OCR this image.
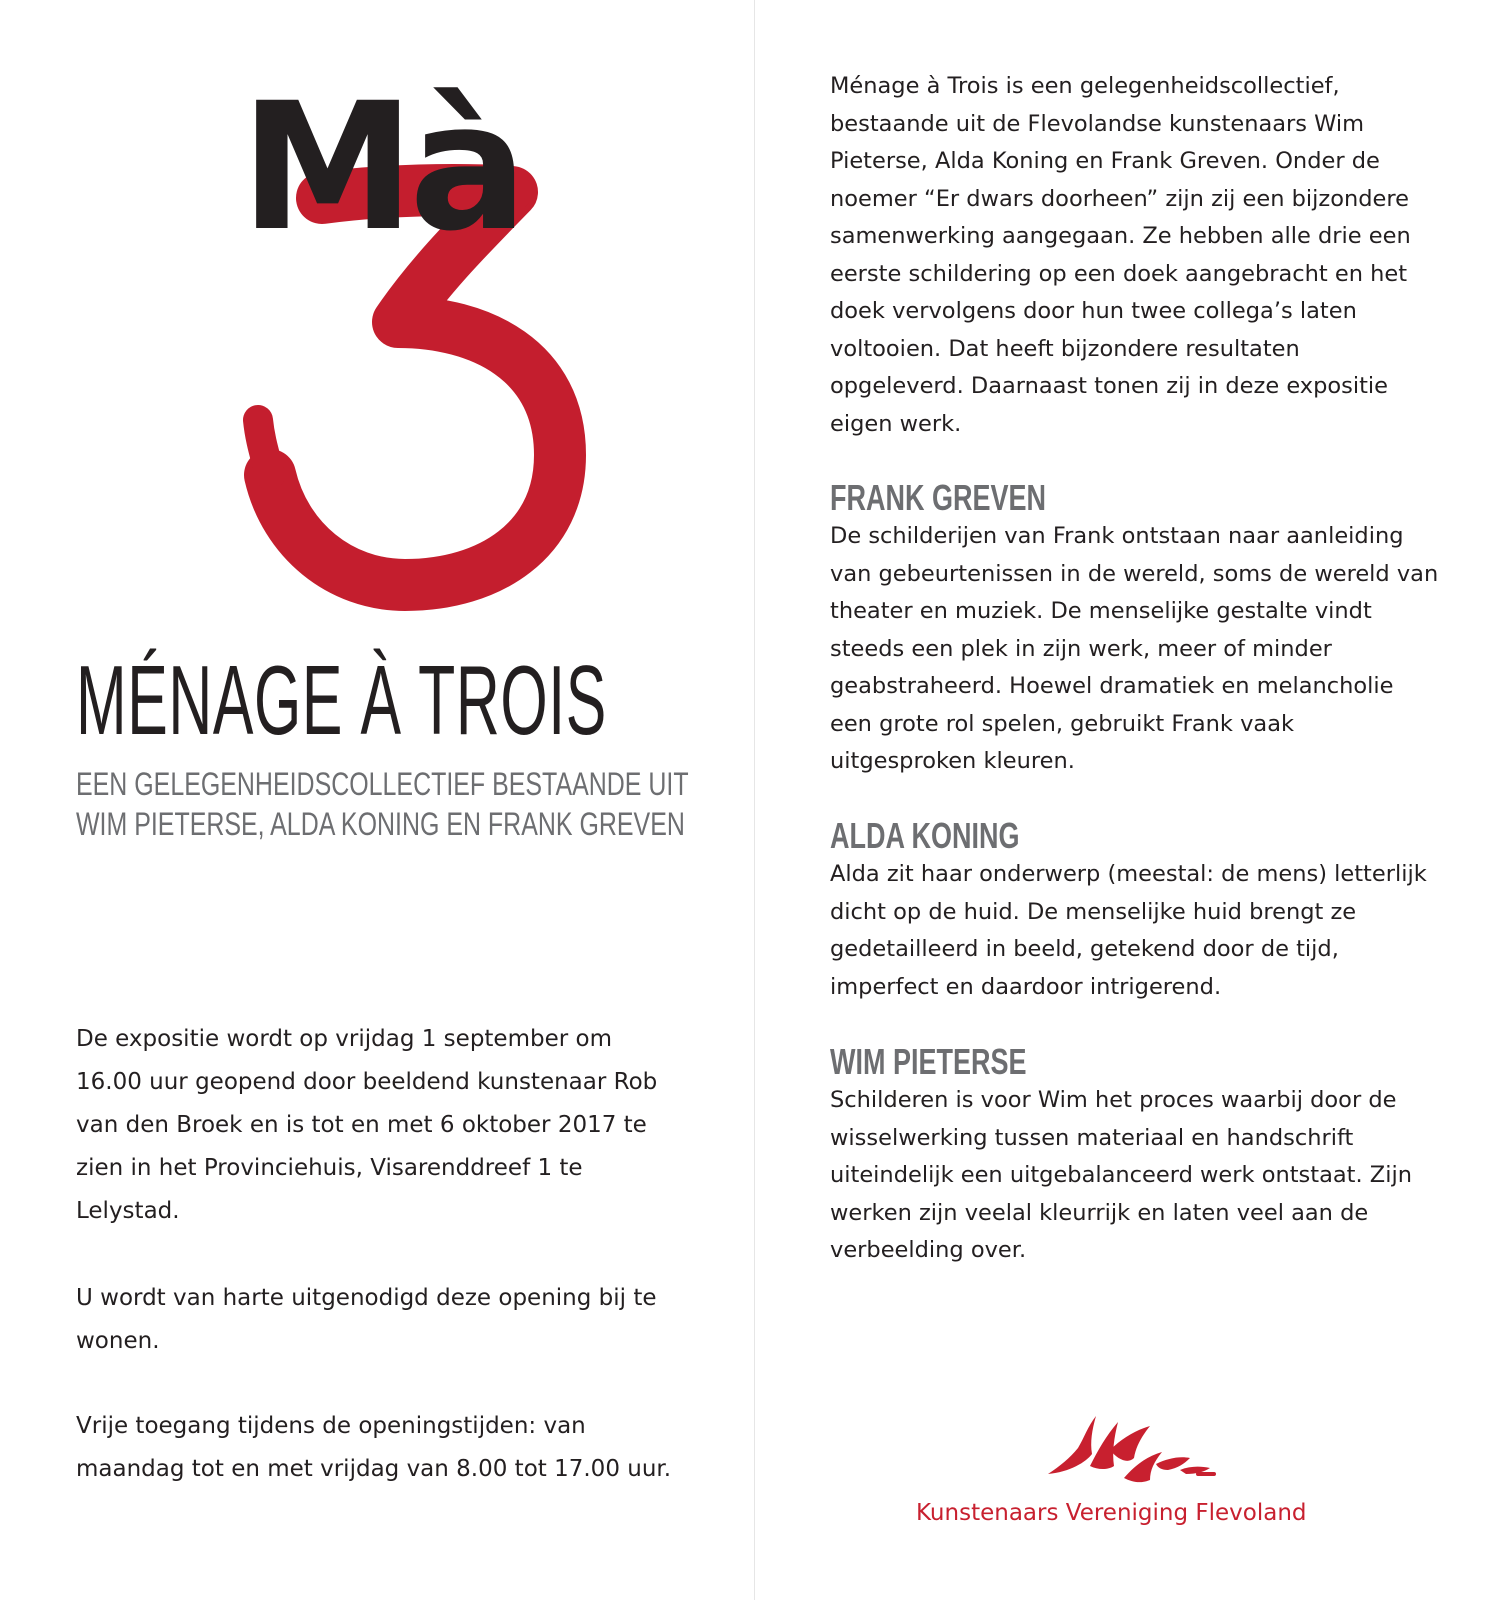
Mà
MÉNAGE À TROIS
EEN GELEGENHEIDSCOLLECTIEF BESTAANDE UIT
WIM PIETERSE, ALDA KONING EN FRANK GREVEN
De expositie wordt op vrijdag 1 september om 16.00 uur geopend door beeldend kunstenaar Rob van den Broek en is tot en met 6 oktober 2017 te zien in het Provinciehuis, Visarenddreef 1 te Lelystad.
U wordt van harte uitgenodigd deze opening bij te wonen.
Vrije toegang tijdens de openingstijden: van maandag tot en met vrijdag van 8.00 tot 17.00 uur.

Ménage à Trois is een gelegenheidscollectief, bestaande uit de Flevolandse kunstenaars Wim Pieterse, Alda Koning en Frank Greven. Onder de noemer “Er dwars doorheen” zijn zij een bijzondere samenwerking aangegaan. Ze hebben alle drie een eerste schildering op een doek aangebracht en het doek vervolgens door hun twee collega’s laten voltooien. Dat heeft bijzondere resultaten opgeleverd. Daarnaast tonen zij in deze expositie eigen werk.

FRANK GREVEN

De schilderijen van Frank ontstaan naar aanleiding van gebeurtenissen in de wereld, soms de wereld van theater en muziek. De menselijke gestalte vindt steeds een plek in zijn werk, meer of minder geabstraheerd. Hoewel dramatiek en melancholie een grote rol spelen, gebruikt Frank vaak uitgesproken kleuren.

ALDA KONING

Alda zit haar onderwerp (meestal: de mens) letterlijk dicht op de huid. De menselijke huid brengt ze gedetailleerd in beeld, getekend door de tijd, imperfect en daardoor intrigerend.

WIM PIETERSE

Schilderen is voor Wim het proces waarbij door de wisselwerking tussen materiaal en handschrift uiteindelijk een uitgebalanceerd werk ontstaat. Zijn werken zijn veelal kleurrijk en laten veel aan de verbeelding over.

Kunstenaars Vereniging Flevoland
